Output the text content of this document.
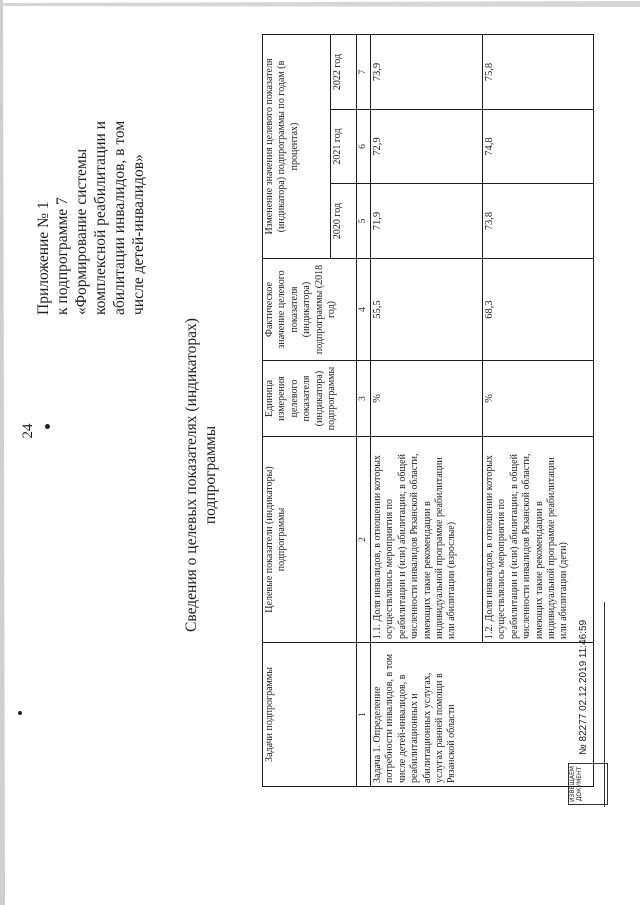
24
Приложение № 1 к подпрограмме 7 «Формирование системы комплексной реабилитации и абилитации инвалидов, в том числе детей-инвалидов»
Сведения о целевых показателях (индикаторах) подпрограммы
Задачи подпрограммы	Целевые показатели (индикаторы) подпрограммы	Единица измерения целевого показателя (индикатора) подпрограммы	Фактическое значение целевого показателя (индикатора) подпрограммы (2018 год)	Изменение значения целевого показателя (индикатора) подпрограммы по годам (в процентах)		
				2020 год	2021 год	2022 год
1	2	3	4	5	6	7
Задача 1. Определение потребности инвалидов, в том числе детей-инвалидов, в реабилитационных и абилитационных услугах, услугах ранней помощи в Рязанской области	1.1. Доля инвалидов, в отношении которых осуществлялись мероприятия по реабилитации и (или) абилитации, в общей численности инвалидов Рязанской области, имеющих такие рекомендации в индивидуальной программе реабилитации или абилитации (взрослые)	%	55,5	71,9	72,9	73,9
	1.2. Доля инвалидов, в отношении которых осуществлялись мероприятия по реабилитации и (или) абилитации, в общей численности инвалидов Рязанской области, имеющих такие рекомендации в индивидуальной программе реабилитации или абилитации (дети)	%	68,3	73,8	74,8	75,8
ИЗВЕЩАЕМ ДОКУМЕНТ
№ 82277 02.12.2019 11:46:59
